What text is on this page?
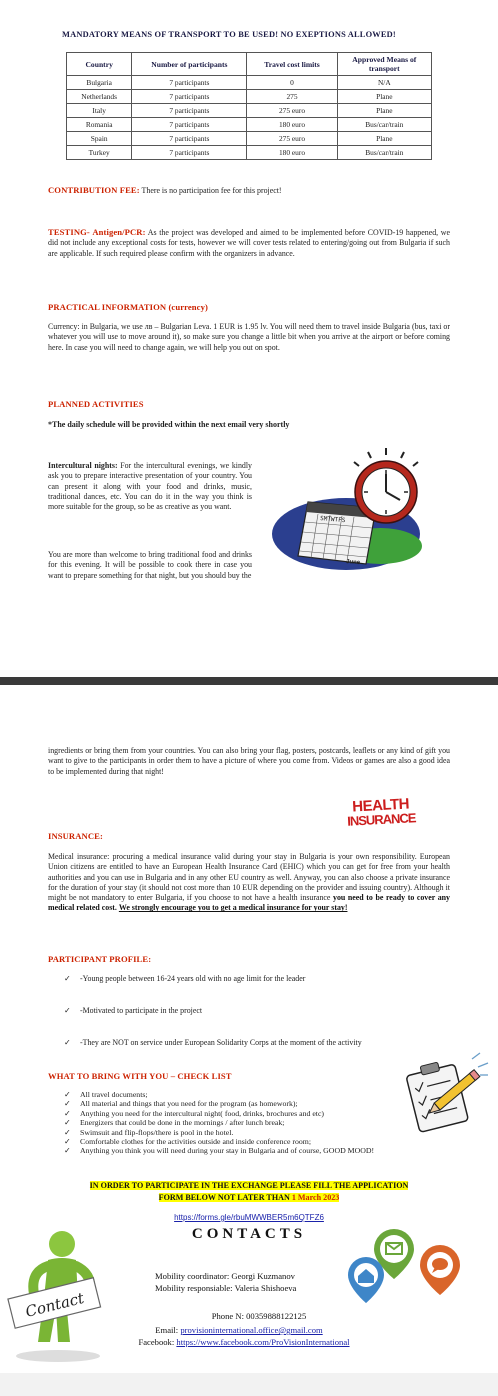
MANDATORY MEANS OF TRANSPORT TO BE USED! NO EXEPTIONS ALLOWED!
Country	Number of participants	Travel cost limits	Approved Means of transport
Bulgaria	7 participants	0	N/A
Netherlands	7 participants	275	Plane
Italy	7 participants	275 euro	Plane
Romania	7 participants	180 euro	Bus/car/train
Spain	7 participants	275 euro	Plane
Turkey	7 participants	180 euro	Bus/car/train
CONTRIBUTION FEE: There is no participation fee for this project!
TESTING- Antigen/PCR: As the project was developed and aimed to be implemented before COVID-19 happened, we did not include any exceptional costs for tests, however we will cover tests related to entering/going out from Bulgaria if such are applicable. If such required please confirm with the organizers in advance.
PRACTICAL INFORMATION (currency)
Currency: in Bulgaria, we use лв – Bulgarian Leva. 1 EUR is 1.95 lv. You will need them to travel inside Bulgaria (bus, taxi or whatever you will use to move around it), so make sure you change a little bit when you arrive at the airport or before coming here. In case you will need to change again, we will help you out on spot.
PLANNED ACTIVITIES
*The daily schedule will be provided within the next email very shortly
Intercultural nights: For the intercultural evenings, we kindly ask you to prepare interactive presentation of your country. You can present it along with your food and drinks, music, traditional dances, etc. You can do it in the way you think is more suitable for the group, so be as creative as you want.
You are more than welcome to bring traditional food and drinks for this evening. It will be possible to cook there in case you want to prepare something for that night, but you should buy the
SMTWTFS
June
ingredients or bring them from your countries. You can also bring your flag, posters, postcards, leaflets or any kind of gift you want to give to the participants in order them to have a picture of where you come from. Videos or games are also a good idea to be implemented during that night!
HEALTH
INSURANCE
INSURANCE:
Medical insurance: procuring a medical insurance valid during your stay in Bulgaria is your own responsibility. European Union citizens are entitled to have an European Health Insurance Card (EHIC) which you can get for free from your health authorities and you can use in Bulgaria and in any other EU country as well. Anyway, you can also choose a private insurance for the duration of your stay (it should not cost more than 10 EUR depending on the provider and issuing country). Although it might be not mandatory to enter Bulgaria, if you choose to not have a health insurance you need to be ready to cover any medical related cost. We strongly encourage you to get a medical insurance for your stay!
PARTICIPANT PROFILE:
✓ -Young people between 16-24 years old with no age limit for the leader
✓ -Motivated to participate in the project
✓ -They are NOT on service under European Solidarity Corps at the moment of the activity
WHAT TO BRING WITH YOU – CHECK LIST
✓ All travel documents;
✓ All material and things that you need for the program (as homework);
✓ Anything you need for the intercultural night( food, drinks, brochures and etc)
✓ Energizers that could be done in the mornings / after lunch break;
✓ Swimsuit and flip-flops/there is pool in the hotel.
✓ Comfortable clothes for the activities outside and inside conference room;
✓ Anything you think you will need during your stay in Bulgaria and of course, GOOD MOOD!
IN ORDER TO PARTICIPATE IN THE EXCHANGE PLEASE FILL THE APPLICATION
FORM BELOW NOT LATER THAN 1 March 2023
https://forms.gle/rbuMWWBER5m6QTFZ6
CONTACTS
Contact
Mobility coordinator: Georgi Kuzmanov
Mobility responsiable: Valeria Shishoeva
Phone N: 00359888122125
Email: provisioninternational.office@gmail.com
Facebook: https://www.facebook.com/ProVisionInternational
